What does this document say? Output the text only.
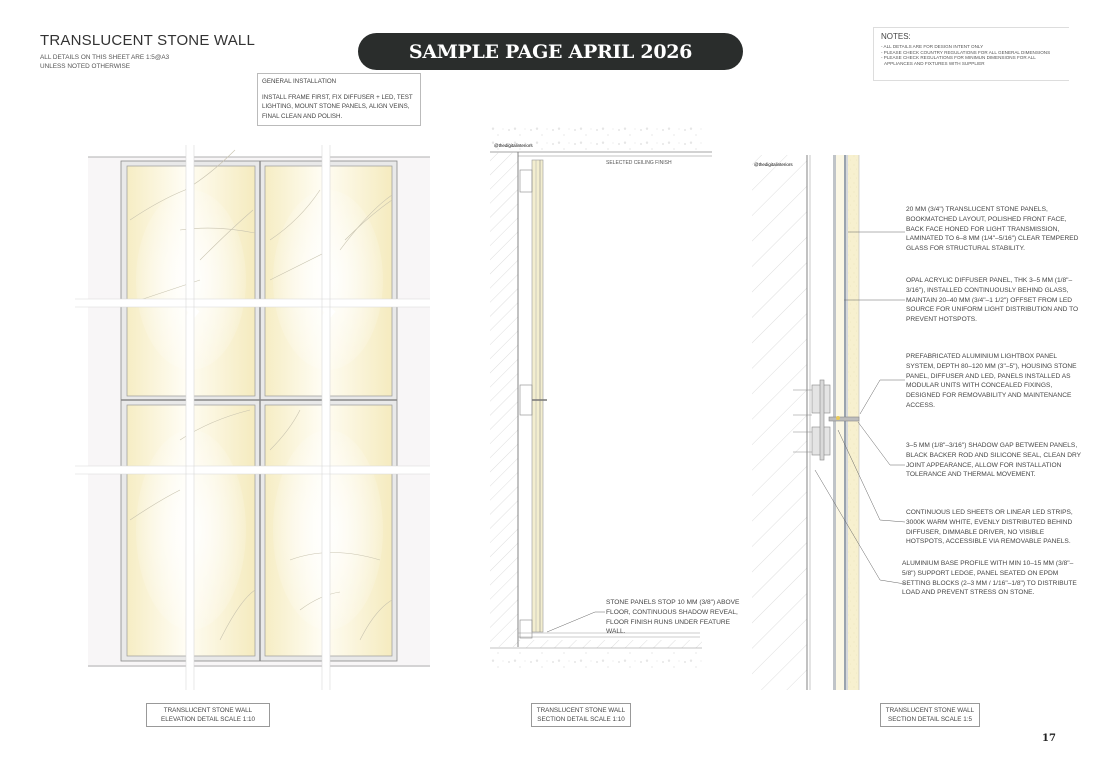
TRANSLUCENT STONE WALL
ALL DETAILS ON THIS SHEET ARE 1:5@A3
UNLESS NOTED OTHERWISE
SAMPLE PAGE APRIL 2026
NOTES:
- ALL DETAILS ARE FOR DESIGN INTENT ONLY
- PLEASE CHECK COUNTRY REGULATIONS FOR ALL GENERAL DIMENSIONS
- PLEASE CHECK REGULATIONS FOR MINIMUN DIMENSIONS FOR ALL
APPLIANCES AND FIXTURES WITH SUPPLIER
GENERAL INSTALLATION
INSTALL FRAME FIRST, FIX DIFFUSER + LED, TEST LIGHTING, MOUNT STONE PANELS, ALIGN VEINS, FINAL CLEAN AND POLISH.
@thedigitalinteriors
@thedigitalinteriors
SELECTED CEILING FINISH
STONE PANELS STOP 10 MM (3/8") ABOVE FLOOR, CONTINUOUS SHADOW REVEAL, FLOOR FINISH RUNS UNDER FEATURE WALL.
20 MM (3/4") TRANSLUCENT STONE PANELS, BOOKMATCHED LAYOUT, POLISHED FRONT FACE, BACK FACE HONED FOR LIGHT TRANSMISSION, LAMINATED TO 6–8 MM (1/4"–5/16") CLEAR TEMPERED GLASS FOR STRUCTURAL STABILITY.
OPAL ACRYLIC DIFFUSER PANEL, THK 3–5 MM (1/8"–3/16"), INSTALLED CONTINUOUSLY BEHIND GLASS, MAINTAIN 20–40 MM (3/4"–1 1/2") OFFSET FROM LED SOURCE FOR UNIFORM LIGHT DISTRIBUTION AND TO PREVENT HOTSPOTS.
PREFABRICATED ALUMINIUM LIGHTBOX PANEL SYSTEM, DEPTH 80–120 MM (3"–5"), HOUSING STONE PANEL, DIFFUSER AND LED, PANELS INSTALLED AS MODULAR UNITS WITH CONCEALED FIXINGS, DESIGNED FOR REMOVABILITY AND MAINTENANCE ACCESS.
3–5 MM (1/8"–3/16") SHADOW GAP BETWEEN PANELS, BLACK BACKER ROD AND SILICONE SEAL, CLEAN DRY JOINT APPEARANCE, ALLOW FOR INSTALLATION TOLERANCE AND THERMAL MOVEMENT.
CONTINUOUS LED SHEETS OR LINEAR LED STRIPS, 3000K WARM WHITE, EVENLY DISTRIBUTED BEHIND DIFFUSER, DIMMABLE DRIVER, NO VISIBLE HOTSPOTS, ACCESSIBLE VIA REMOVABLE PANELS.
ALUMINIUM BASE PROFILE WITH MIN 10–15 MM (3/8"–5/8") SUPPORT LEDGE, PANEL SEATED ON EPDM SETTING BLOCKS (2–3 MM / 1/16"–1/8") TO DISTRIBUTE LOAD AND PREVENT STRESS ON STONE.
TRANSLUCENT STONE WALL
ELEVATION DETAIL SCALE 1:10
TRANSLUCENT STONE WALL
SECTION DETAIL SCALE 1:10
TRANSLUCENT STONE WALL
SECTION DETAIL SCALE 1:5
17
